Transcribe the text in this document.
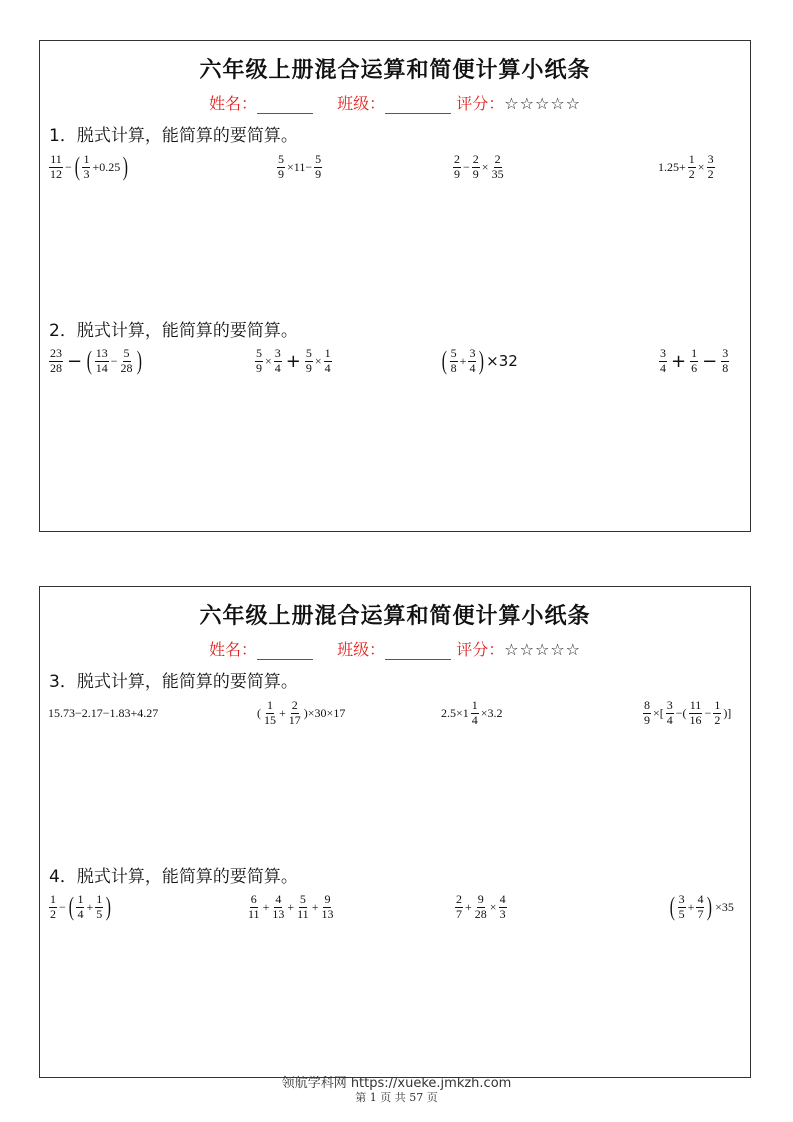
六年级上册混合运算和简便计算小纸条
姓名：	班级：	评分：☆☆☆☆☆
1．脱式计算，能简算的要简算。
$\frac{11}{12}$ − ( $\frac{1}{3} +0.25$ )	$\frac{5}{9} \times 11- \frac{5}{9}$	$\frac{2}{9} - \frac{2}{9} \times \frac{2}{35}$	$1.25+ \frac{1}{2} \times \frac{3}{2}$
2．脱式计算，能简算的要简算。
$\frac{23}{28}$ − ( $\frac{13}{14} - \frac{5}{28}$ )	$\frac{5}{9} \times \frac{3}{4} + \frac{5}{9} \times \frac{1}{4}$	( $\frac{5}{8} + \frac{3}{4}$ ) ×32	$\frac{3}{4} + \frac{1}{6} - \frac{3}{8}$
六年级上册混合运算和简便计算小纸条
姓名：	班级：	评分：☆☆☆☆☆
3．脱式计算，能简算的要简算。
15.73−2.17−1.83+4.27	( $\frac{1}{15} + \frac{2}{17} )\times 30\times 17$	$2.5\times 1 \frac{1}{4} \times 3.2$	$\frac{8}{9}$ ×[ $\frac{3}{4}$ −( $\frac{11}{16} - \frac{1}{2}$ )]
4．脱式计算，能简算的要简算。
$\frac{1}{2}$ − ( $\frac{1}{4} + \frac{1}{5}$ )	$\frac{6}{11} + \frac{4}{13} + \frac{5}{11} + \frac{9}{13}$	$\frac{2}{7} + \frac{9}{28} \times \frac{4}{3}$	( $\frac{3}{5} + \frac{4}{7}$ ) ×35
领航学科网 https://xueke.jmkzh.com
第 1 页 共 57 页
